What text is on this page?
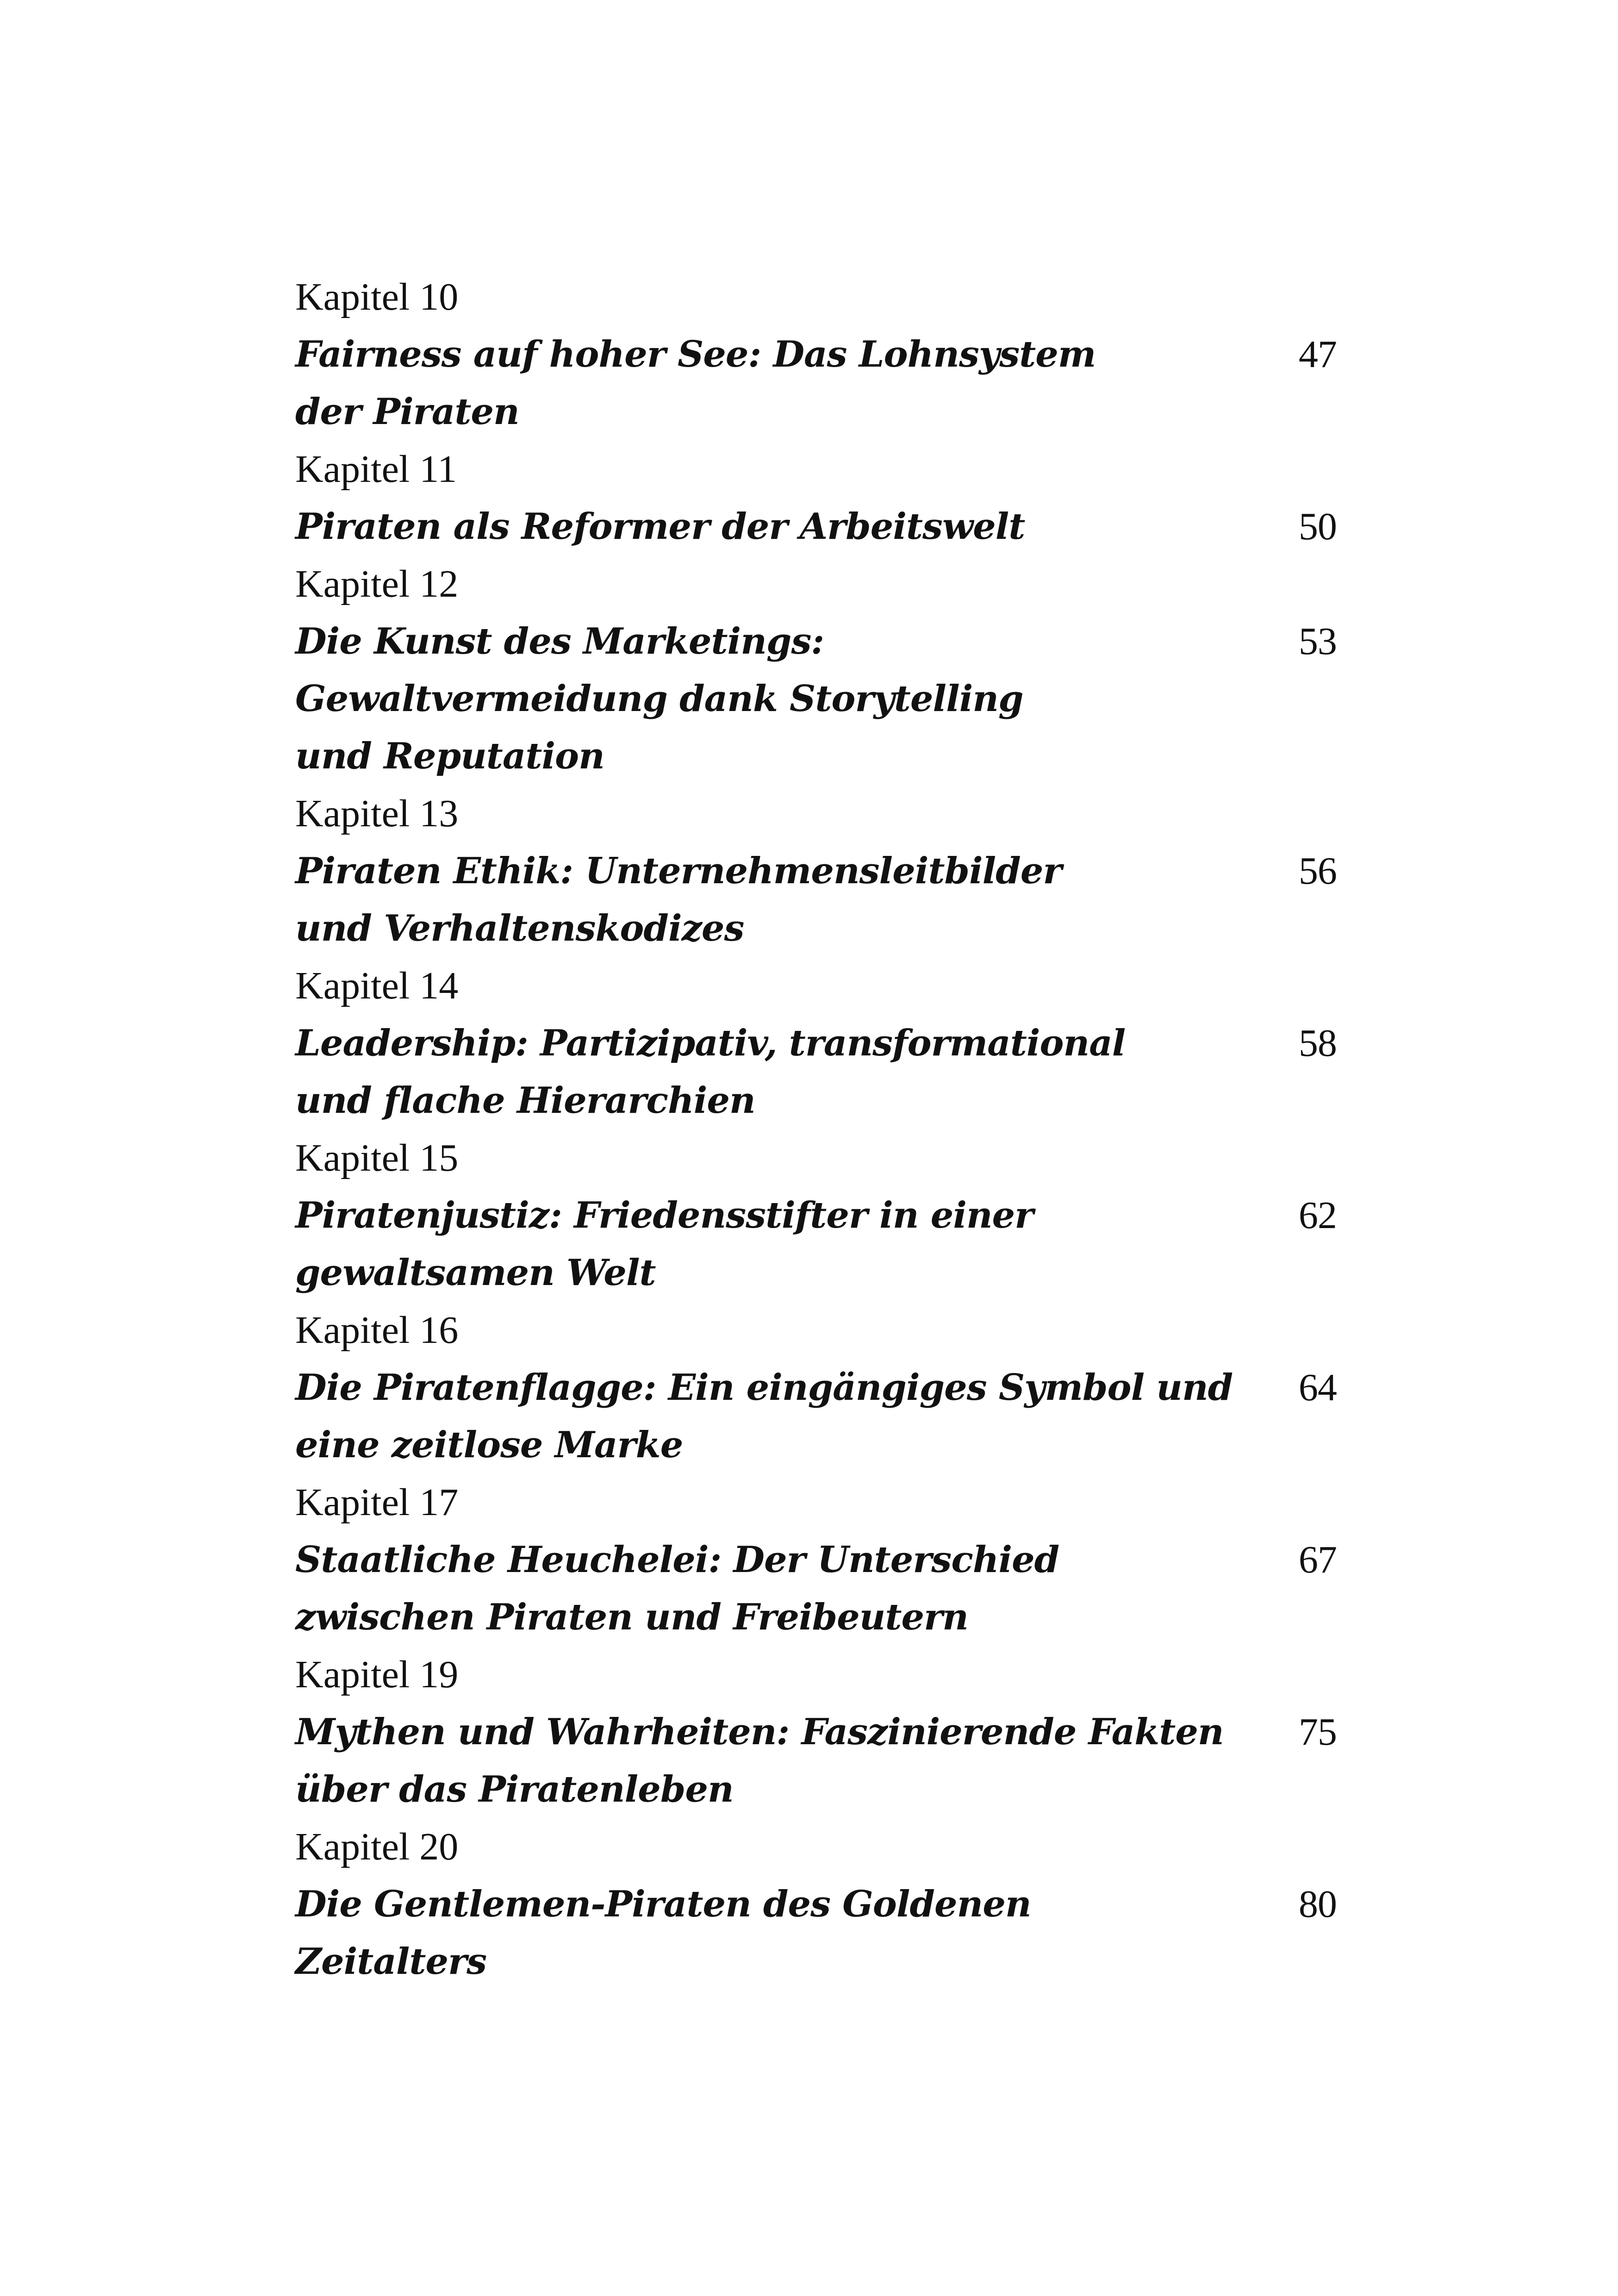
Kapitel 10
Fairness auf hoher See: Das Lohnsystem	47
der Piraten
Kapitel 11
Piraten als Reformer der Arbeitswelt	50
Kapitel 12
Die Kunst des Marketings:	53
Gewaltvermeidung dank Storytelling
und Reputation
Kapitel 13
Piraten Ethik: Unternehmensleitbilder	56
und Verhaltenskodizes
Kapitel 14
Leadership: Partizipativ, transformational	58
und flache Hierarchien
Kapitel 15
Piratenjustiz: Friedensstifter in einer	62
gewaltsamen Welt
Kapitel 16
Die Piratenflagge: Ein eingängiges Symbol und 64
eine zeitlose Marke
Kapitel 17
Staatliche Heuchelei: Der Unterschied	67
zwischen Piraten und Freibeutern
Kapitel 19
Mythen und Wahrheiten: Faszinierende Fakten 75
über das Piratenleben
Kapitel 20
Die Gentlemen-Piraten des Goldenen	80
Zeitalters
